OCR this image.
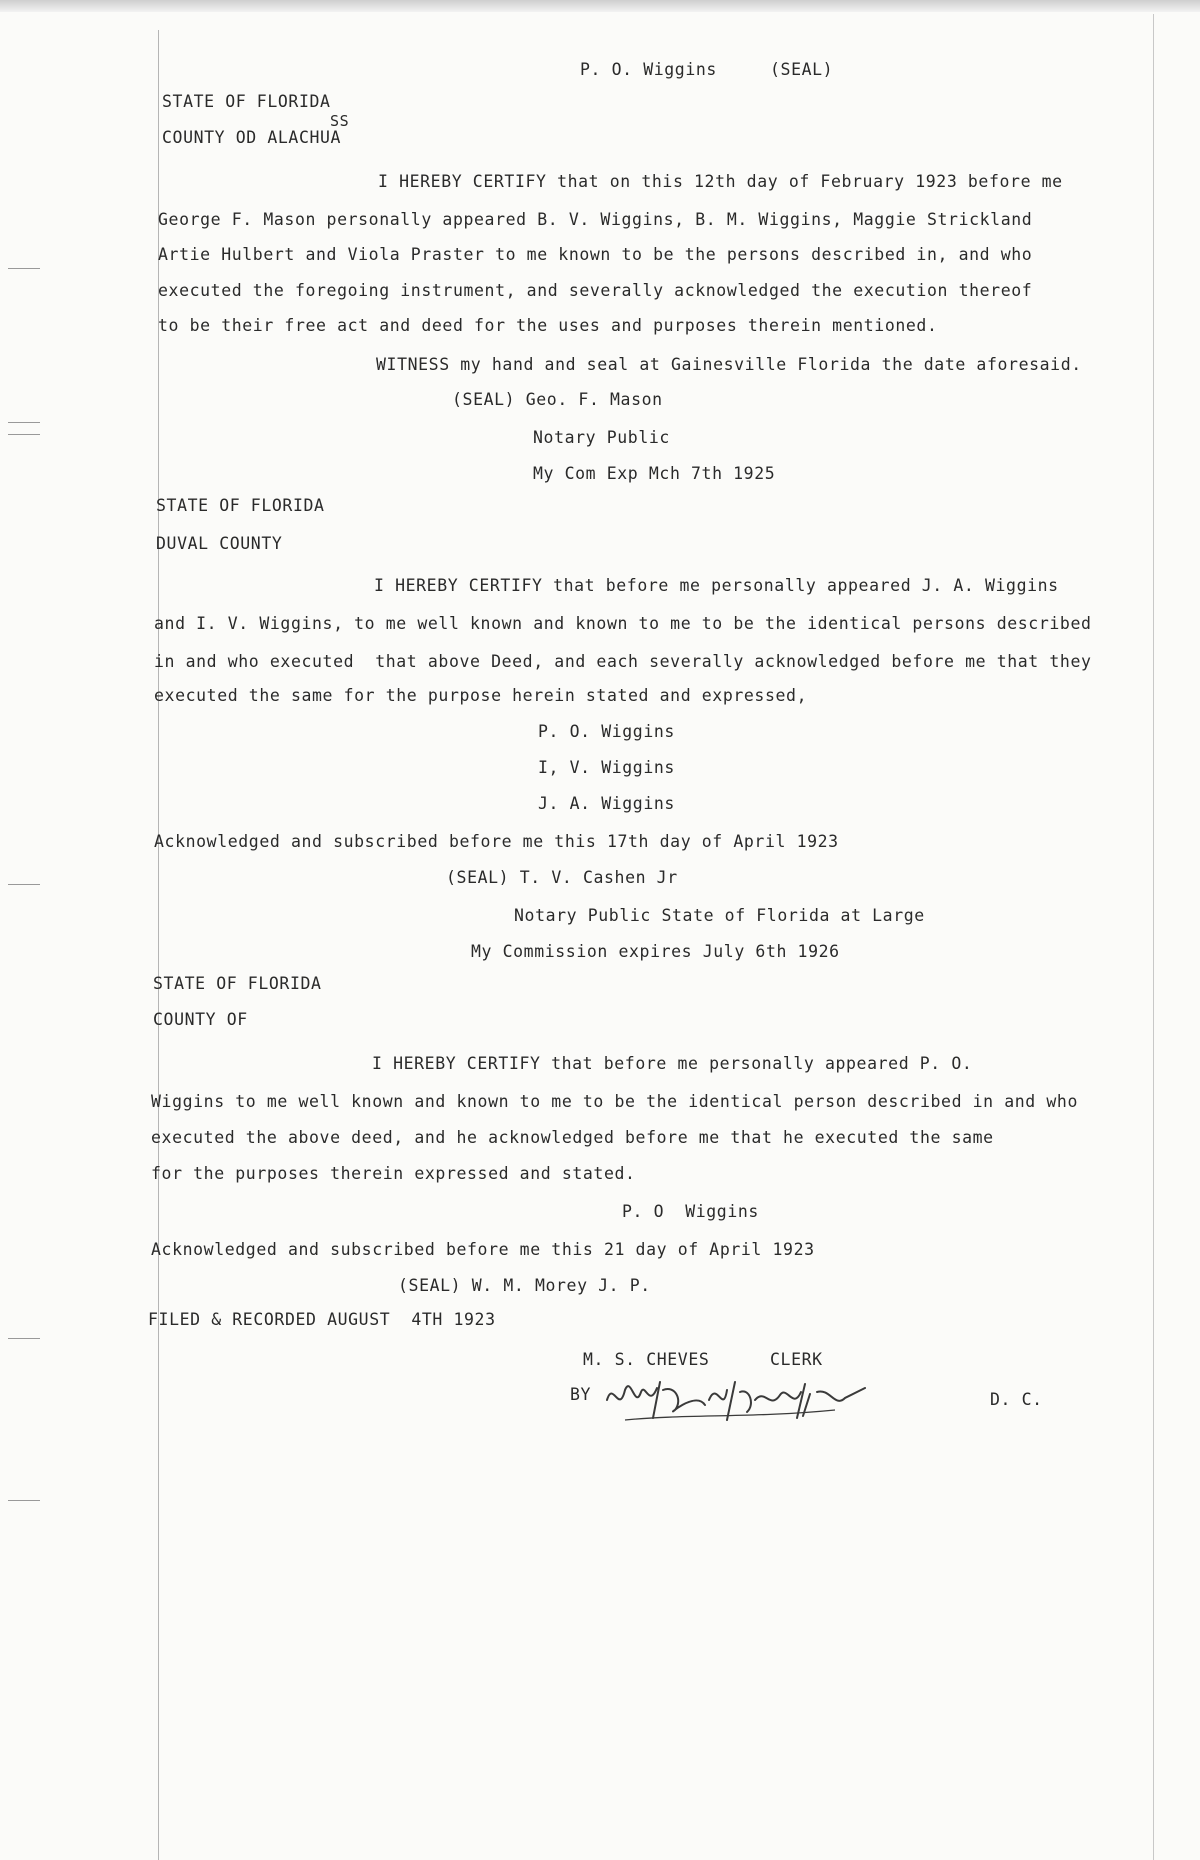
P. O. Wiggins	(SEAL)
STATE OF FLORIDA
SS
COUNTY OD ALACHUA
I HEREBY CERTIFY that on this 12th day of February 1923 before me
George F. Mason personally appeared B. V. Wiggins, B. M. Wiggins, Maggie Strickland
Artie Hulbert and Viola Praster to me known to be the persons described in, and who
executed the foregoing instrument, and severally acknowledged the execution thereof
to be their free act and deed for the uses and purposes therein mentioned.
WITNESS my hand and seal at Gainesville Florida the date aforesaid.
(SEAL) Geo. F. Mason
Notary Public
My Com Exp Mch 7th 1925
STATE OF FLORIDA
DUVAL COUNTY
I HEREBY CERTIFY that before me personally appeared J. A. Wiggins
and I. V. Wiggins, to me well known and known to me to be the identical persons described
in and who executed  that above Deed, and each severally acknowledged before me that they
executed the same for the purpose herein stated and expressed,
P. O. Wiggins
I, V. Wiggins
J. A. Wiggins
Acknowledged and subscribed before me this 17th day of April 1923
(SEAL) T. V. Cashen Jr
Notary Public State of Florida at Large
My Commission expires July 6th 1926
STATE OF FLORIDA
COUNTY OF
I HEREBY CERTIFY that before me personally appeared P. O.
Wiggins to me well known and known to me to be the identical person described in and who
executed the above deed, and he acknowledged before me that he executed the same
for the purposes therein expressed and stated.
P. O  Wiggins
Acknowledged and subscribed before me this 21 day of April 1923
(SEAL) W. M. Morey J. P.
FILED & RECORDED AUGUST  4TH 1923
M. S. CHEVES	CLERK
BY	D. C.
